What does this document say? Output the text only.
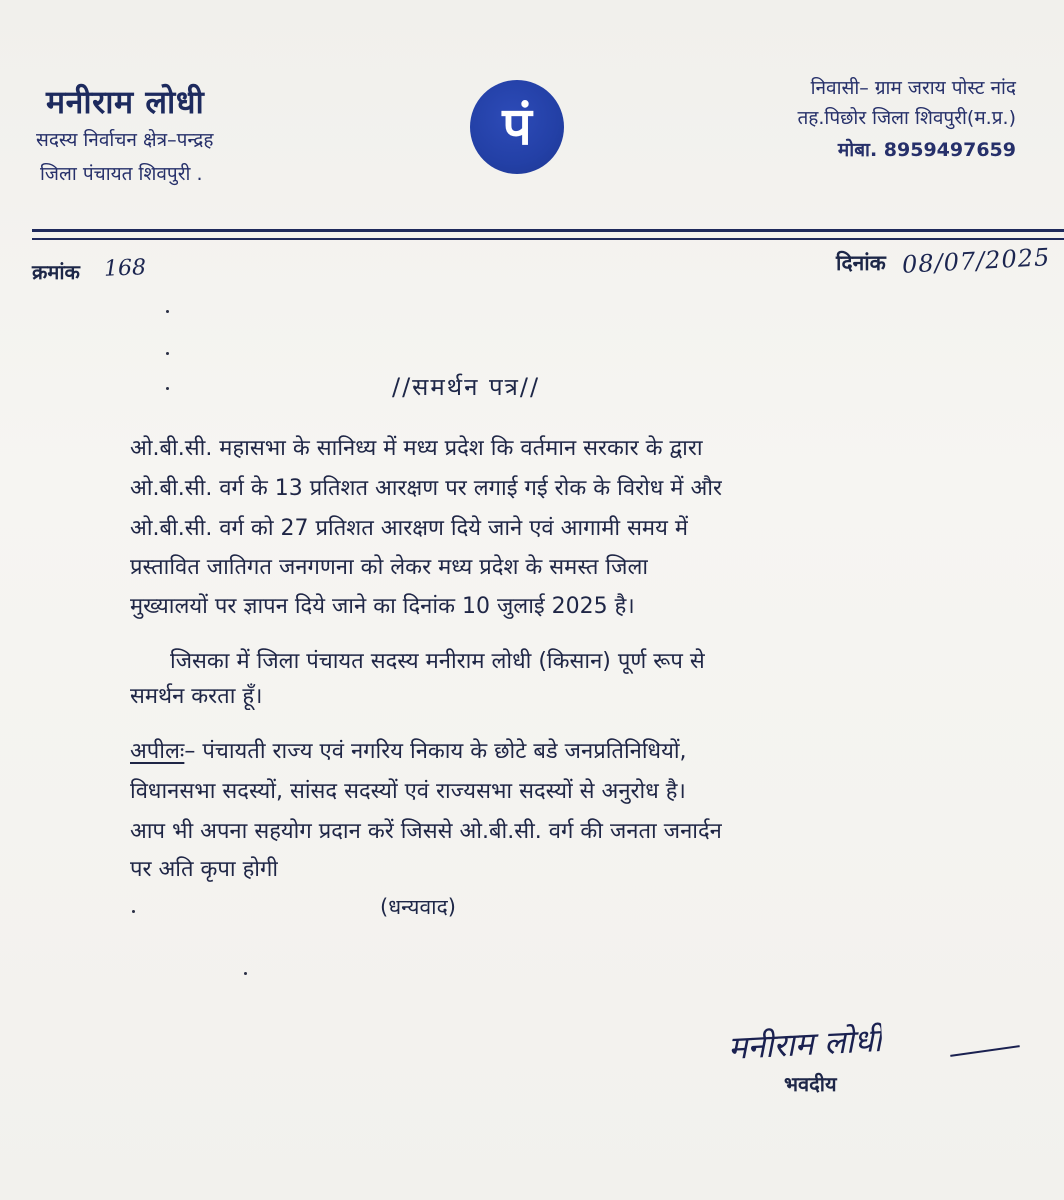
मनीराम लोधी
सदस्य निर्वाचन क्षेत्र–पन्द्रह
जिला पंचायत शिवपुरी .
पं
निवासी– ग्राम जराय पोस्ट नांद
तह.पिछोर जिला शिवपुरी(म.प्र.)
मोबा. 8959497659
क्रमांक 168	दिनांक 08/07/2025
//समर्थन पत्र//
ओ.बी.सी. महासभा के सानिध्य में मध्य प्रदेश कि वर्तमान सरकार के द्वारा
ओ.बी.सी. वर्ग के 13 प्रतिशत आरक्षण पर लगाई गई रोक के विरोध में और
ओ.बी.सी. वर्ग को 27 प्रतिशत आरक्षण दिये जाने एवं आगामी समय में
प्रस्तावित जातिगत जनगणना को लेकर मध्य प्रदेश के समस्त जिला
मुख्यालयों पर ज्ञापन दिये जाने का दिनांक 10 जुलाई 2025 है।
जिसका में जिला पंचायत सदस्य मनीराम लोधी (किसान) पूर्ण रूप से
समर्थन करता हूँ।
अपीलः– पंचायती राज्य एवं नगरिय निकाय के छोटे बडे जनप्रतिनिधियों,
विधानसभा सदस्यों, सांसद सदस्यों एवं राज्यसभा सदस्यों से अनुरोध है।
आप भी अपना सहयोग प्रदान करें जिससे ओ.बी.सी. वर्ग की जनता जनार्दन
पर अति कृपा होगी
(धन्यवाद)
मनीराम लोधी
भवदीय
